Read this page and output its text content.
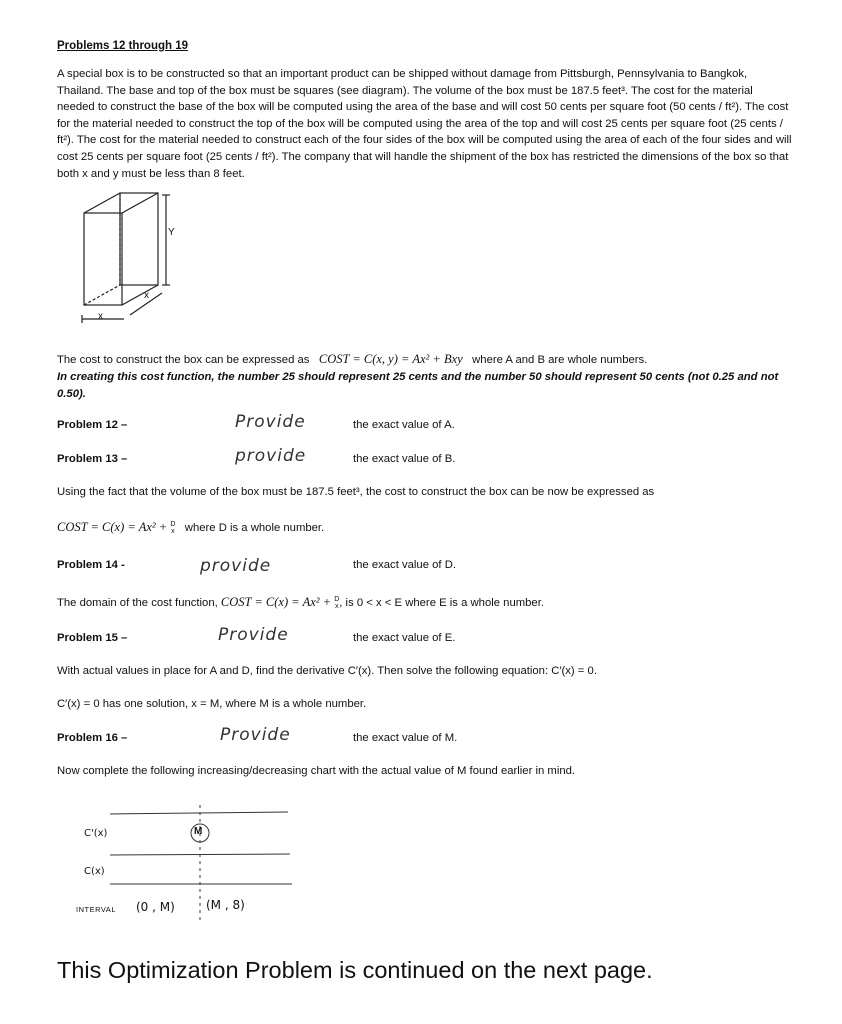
Problems 12 through 19
A special box is to be constructed so that an important product can be shipped without damage from Pittsburgh, Pennsylvania to Bangkok, Thailand. The base and top of the box must be squares (see diagram). The volume of the box must be 187.5 feet³. The cost for the material needed to construct the base of the box will be computed using the area of the base and will cost 50 cents per square foot (50 cents / ft²). The cost for the material needed to construct the top of the box will be computed using the area of the top and will cost 25 cents per square foot (25 cents / ft²). The cost for the material needed to construct each of the four sides of the box will be computed using the area of each of the four sides and will cost 25 cents per square foot (25 cents / ft²). The company that will handle the shipment of the box has restricted the dimensions of the box so that both x and y must be less than 8 feet.
Y
x
x
The cost to construct the box can be expressed as COST = C(x, y) = Ax² + Bxy where A and B are whole numbers.
In creating this cost function, the number 25 should represent 25 cents and the number 50 should represent 50 cents (not 0.25 and not 0.50).
Problem 12 –	Provide	the exact value of A.
Problem 13 –	provide	the exact value of B.
Using the fact that the volume of the box must be 187.5 feet³, the cost to construct the box can be now be expressed as
COST = C(x) = Ax² + D
x where D is a whole number.
Problem 14 -	provide	the exact value of D.
The domain of the cost function, COST = C(x) = Ax² + D
x, is 0 < x < E where E is a whole number.
Problem 15 –	Provide	the exact value of E.
With actual values in place for A and D, find the derivative C′(x). Then solve the following equation: C′(x) = 0.
C′(x) = 0 has one solution, x = M, where M is a whole number.
Problem 16 –	Provide	the exact value of M.
Now complete the following increasing/decreasing chart with the actual value of M found earlier in mind.
C'(x)
C(x)
M
INTERVAL (0 , M)	(M , 8)
This Optimization Problem is continued on the next page.
